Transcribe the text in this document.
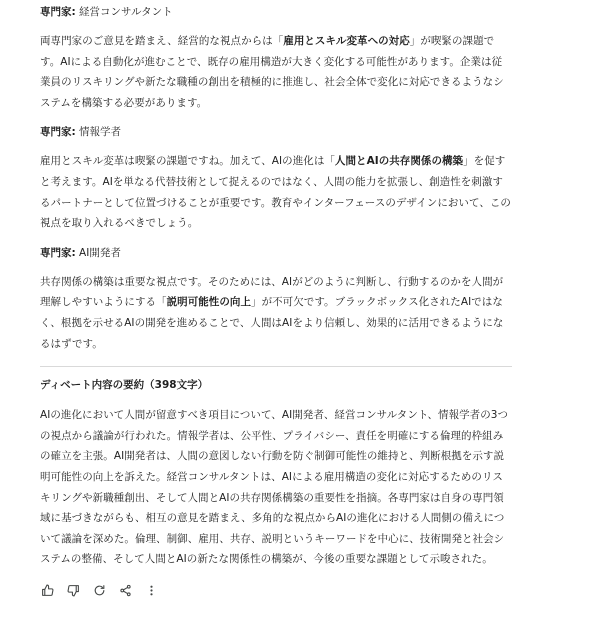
専門家: 経営コンサルタント

両専門家のご意見を踏まえ、経営的な視点からは「雇用とスキル変革への対応」が喫緊の課題です。AIによる自動化が進むことで、既存の雇用構造が大きく変化する可能性があります。企業は従業員のリスキリングや新たな職種の創出を積極的に推進し、社会全体で変化に対応できるようなシステムを構築する必要があります。

専門家: 情報学者

雇用とスキル変革は喫緊の課題ですね。加えて、AIの進化は「人間とAIの共存関係の構築」を促すと考えます。AIを単なる代替技術として捉えるのではなく、人間の能力を拡張し、創造性を刺激するパートナーとして位置づけることが重要です。教育やインターフェースのデザインにおいて、この視点を取り入れるべきでしょう。

専門家: AI開発者

共存関係の構築は重要な視点です。そのためには、AIがどのように判断し、行動するのかを人間が理解しやすいようにする「説明可能性の向上」が不可欠です。ブラックボックス化されたAIではなく、根拠を示せるAIの開発を進めることで、人間はAIをより信頼し、効果的に活用できるようになるはずです。

ディベート内容の要約（398文字）

AIの進化において人間が留意すべき項目について、AI開発者、経営コンサルタント、情報学者の3つの視点から議論が行われた。情報学者は、公平性、プライバシー、責任を明確にする倫理的枠組みの確立を主張。AI開発者は、人間の意図しない行動を防ぐ制御可能性の維持と、判断根拠を示す説明可能性の向上を訴えた。経営コンサルタントは、AIによる雇用構造の変化に対応するためのリスキリングや新職種創出、そして人間とAIの共存関係構築の重要性を指摘。各専門家は自身の専門領域に基づきながらも、相互の意見を踏まえ、多角的な視点からAIの進化における人間側の備えについて議論を深めた。倫理、制御、雇用、共存、説明というキーワードを中心に、技術開発と社会システムの整備、そして人間とAIの新たな関係性の構築が、今後の重要な課題として示唆された。
